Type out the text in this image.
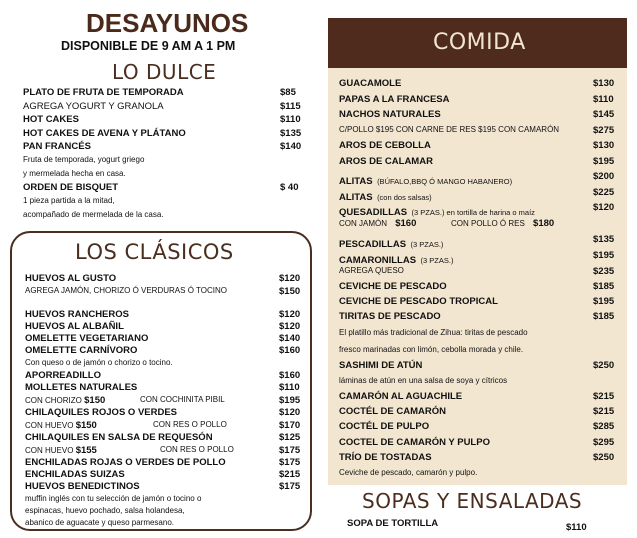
DESAYUNOS
DISPONIBLE DE 9 AM A 1 PM
LO DULCE
PLATO DE FRUTA DE TEMPORADA	$85
AGREGA YOGURT Y GRANOLA	$115
HOT CAKES	$110
HOT CAKES DE AVENA Y PLÁTANO	$135
PAN FRANCÉS	$140
Fruta de temporada, yogurt griego
y mermelada hecha en casa.
ORDEN DE BISQUET	$ 40
1 pieza partida a la mitad,
acompañado de mermelada de la casa.
LOS CLÁSICOS
HUEVOS AL GUSTO	$120
AGREGA JAMÓN, CHORIZO Ó VERDURAS Ó TOCINO	$150
HUEVOS RANCHEROS	$120
HUEVOS AL ALBAÑIL	$120
OMELETTE VEGETARIANO	$140
OMELETTE CARNÍVORO	$160
Con queso o de jamón o chorizo o tocino.
APORREADILLO	$160
MOLLETES NATURALES	$110
CON CHORIZO $150	CON COCHINITA PIBIL	$195
CHILAQUILES ROJOS O VERDES	$120
CON HUEVO $150	CON RES O POLLO	$170
CHILAQUILES EN SALSA DE REQUESÓN	$125
CON HUEVO $155	CON RES O POLLO	$175
ENCHILADAS ROJAS O VERDES DE POLLO	$175
ENCHILADAS SUIZAS	$215
HUEVOS BENEDICTINOS	$175
muffin inglés con tu selección de jamón o tocino o
espinacas, huevo pochado, salsa holandesa,
abanico de aguacate y queso parmesano.
COMIDA
GUACAMOLE	$130
PAPAS A LA FRANCESA	$110
NACHOS NATURALES	$145
C/POLLO $195 CON CARNE DE RES $195 CON CAMARÓN	$275
AROS DE CEBOLLA	$130
AROS DE CALAMAR	$195
ALITAS (BÚFALO,BBQ Ó MANGO HABANERO)	$200
ALITAS (con dos salsas)	$225
QUESADILLAS (3 PZAS.) en tortilla de harina o maíz	$120
CON JAMÓN $160	CON POLLO Ó RES $180
PESCADILLAS (3 PZAS.)	$135
CAMARONILLAS (3 PZAS.)	$195
AGREGA QUESO	$235
CEVICHE DE PESCADO	$185
CEVICHE DE PESCADO TROPICAL	$195
TIRITAS DE PESCADO	$185
El platillo más tradicional de Zihua: tiritas de pescado
fresco marinadas con limón, cebolla morada y chile.
SASHIMI DE ATÚN	$250
láminas de atún en una salsa de soya y cítricos
CAMARÓN AL AGUACHILE	$215
COCTÉL DE CAMARÓN	$215
COCTÉL DE PULPO	$285
COCTEL DE CAMARÓN Y PULPO	$295
TRÍO DE TOSTADAS	$250
Ceviche de pescado, camarón y pulpo.
SOPAS Y ENSALADAS
SOPA DE TORTILLA	$110
